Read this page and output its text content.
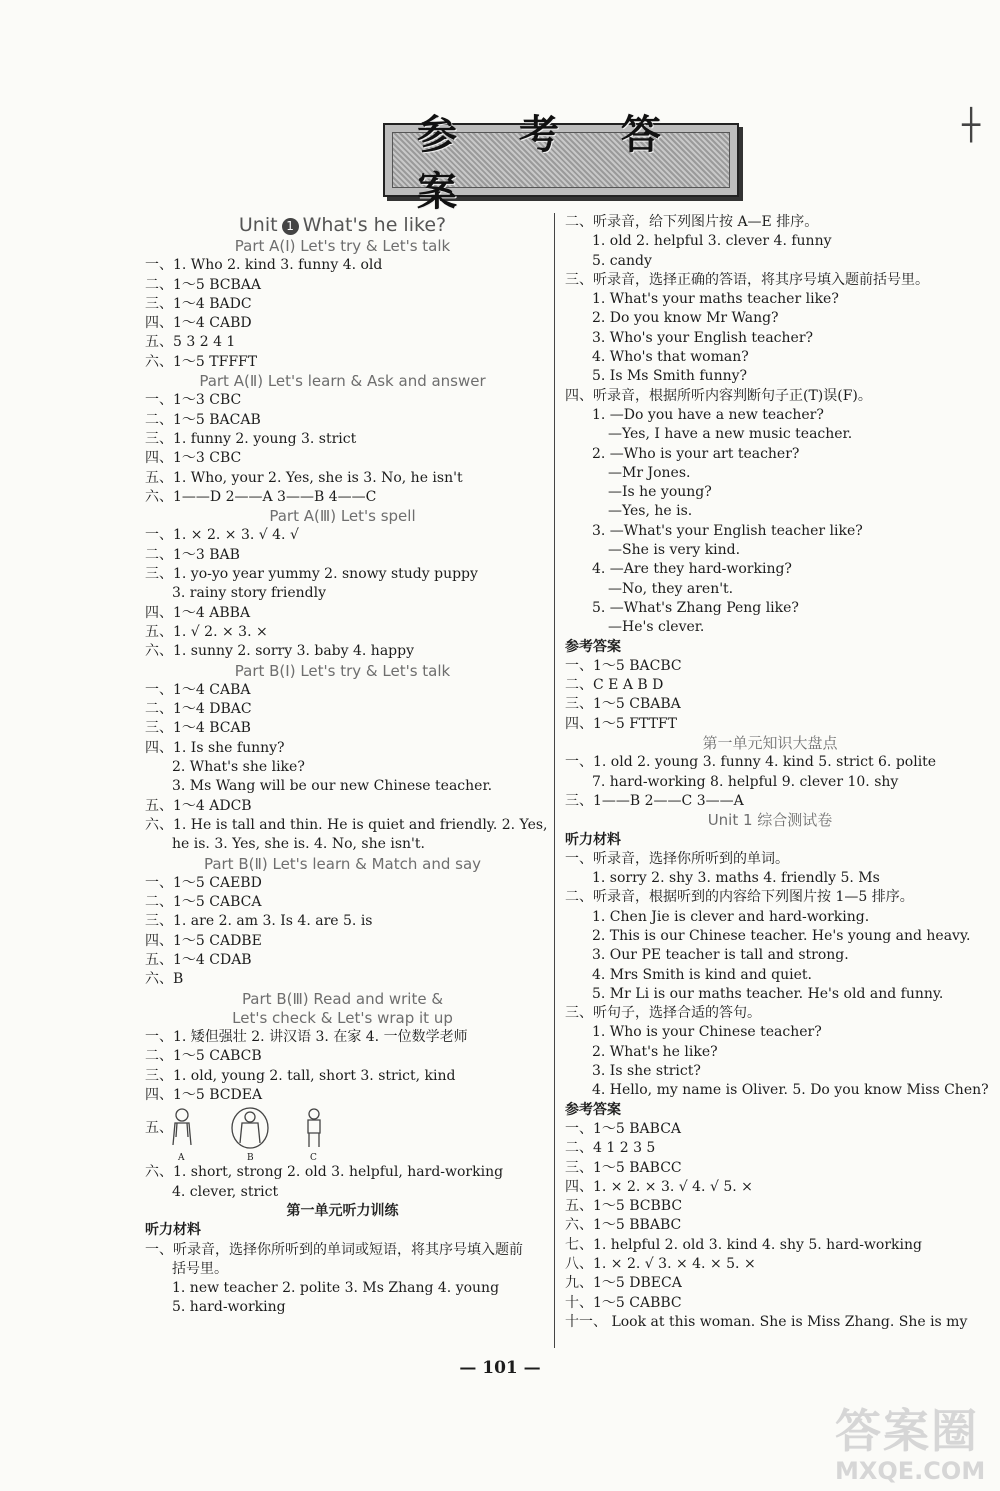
参 考 答 案
┼
Unit 1 What's he like?
Part A(Ⅰ) Let's try & Let's talk
一、1. Who 2. kind 3. funny 4. old
二、1～5 BCBAA
三、1～4 BADC
四、1～4 CABD
五、5 3 2 4 1
六、1～5 TFFFT
Part A(Ⅱ) Let's learn & Ask and answer
一、1～3 CBC
二、1～5 BACAB
三、1. funny 2. young 3. strict
四、1～3 CBC
五、1. Who, your 2. Yes, she is 3. No, he isn't
六、1——D 2——A 3——B 4——C
Part A(Ⅲ) Let's spell
一、1. × 2. × 3. √ 4. √
二、1～3 BAB
三、1. yo-yo year yummy 2. snowy study puppy
3. rainy story friendly
四、1～4 ABBA
五、1. √ 2. × 3. ×
六、1. sunny 2. sorry 3. baby 4. happy
Part B(Ⅰ) Let's try & Let's talk
一、1～4 CABA
二、1～4 DBAC
三、1～4 BCAB
四、1. Is she funny?
2. What's she like?
3. Ms Wang will be our new Chinese teacher.
五、1～4 ADCB
六、1. He is tall and thin. He is quiet and friendly. 2. Yes,
he is. 3. Yes, she is. 4. No, she isn't.
Part B(Ⅱ) Let's learn & Match and say
一、1～5 CAEBD
二、1～5 CABCA
三、1. are 2. am 3. Is 4. are 5. is
四、1～5 CADBE
五、1～4 CDAB
六、B
Part B(Ⅲ) Read and write &
Let's check & Let's wrap it up
一、1. 矮但强壮 2. 讲汉语 3. 在家 4. 一位数学老师
二、1～5 CABCB
三、1. old, young 2. tall, short 3. strict, kind
四、1～5 BCDEA
五、
A	B	C
六、1. short, strong 2. old 3. helpful, hard-working
4. clever, strict
第一单元听力训练
听力材料
一、听录音，选择你所听到的单词或短语，将其序号填入题前
括号里。
1. new teacher 2. polite 3. Ms Zhang 4. young
5. hard-working
二、听录音，给下列图片按 A—E 排序。
1. old 2. helpful 3. clever 4. funny
5. candy
三、听录音，选择正确的答语，将其序号填入题前括号里。
1. What's your maths teacher like?
2. Do you know Mr Wang?
3. Who's your English teacher?
4. Who's that woman?
5. Is Ms Smith funny?
四、听录音，根据所听内容判断句子正(T)误(F)。
1. —Do you have a new teacher?
—Yes, I have a new music teacher.
2. —Who is your art teacher?
—Mr Jones.
—Is he young?
—Yes, he is.
3. —What's your English teacher like?
—She is very kind.
4. —Are they hard-working?
—No, they aren't.
5. —What's Zhang Peng like?
—He's clever.
参考答案
一、1～5 BACBC
二、C E A B D
三、1～5 CBABA
四、1～5 FTTFT
第一单元知识大盘点
一、1. old 2. young 3. funny 4. kind 5. strict 6. polite
7. hard-working 8. helpful 9. clever 10. shy
三、1——B 2——C 3——A
Unit 1 综合测试卷
听力材料
一、听录音，选择你所听到的单词。
1. sorry 2. shy 3. maths 4. friendly 5. Ms
二、听录音，根据听到的内容给下列图片按 1—5 排序。
1. Chen Jie is clever and hard-working.
2. This is our Chinese teacher. He's young and heavy.
3. Our PE teacher is tall and strong.
4. Mrs Smith is kind and quiet.
5. Mr Li is our maths teacher. He's old and funny.
三、听句子，选择合适的答句。
1. Who is your Chinese teacher?
2. What's he like?
3. Is she strict?
4. Hello, my name is Oliver. 5. Do you know Miss Chen?
参考答案
一、1～5 BABCA
二、4 1 2 3 5
三、1～5 BABCC
四、1. × 2. × 3. √ 4. √ 5. ×
五、1～5 BCBBC
六、1～5 BBABC
七、1. helpful 2. old 3. kind 4. shy 5. hard-working
八、1. × 2. √ 3. × 4. × 5. ×
九、1～5 DBECA
十、1～5 CABBC
十一、 Look at this woman. She is Miss Zhang. She is my
— 101 —
答案圈
MXQE.COM
